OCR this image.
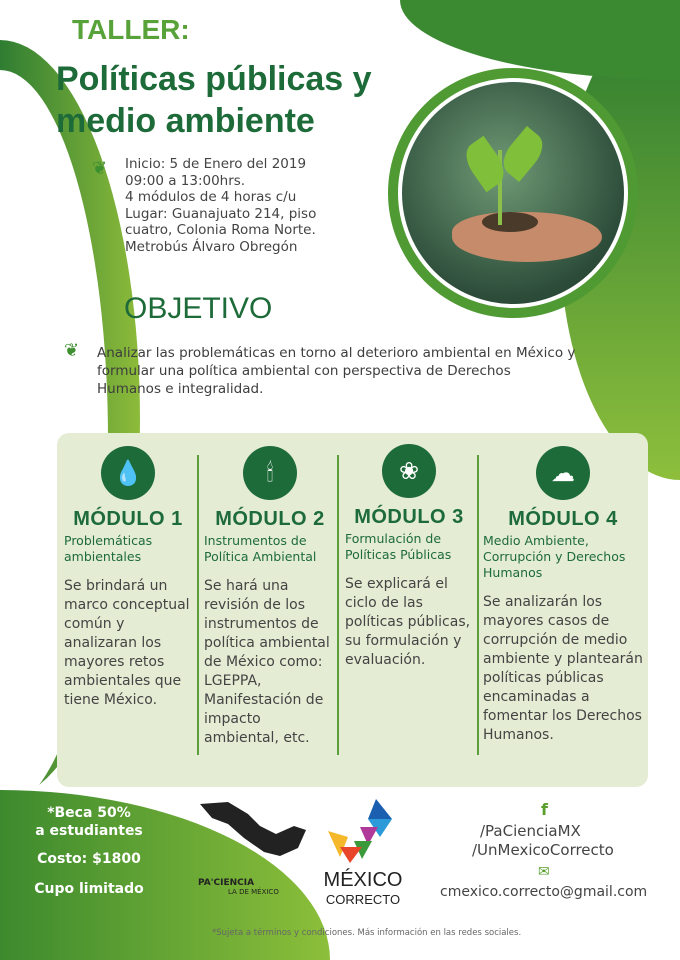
TALLER:
Políticas públicas y
medio ambiente
❦ Inicio: 5 de Enero del 2019
09:00 a 13:00hrs.
4 módulos de 4 horas c/u
Lugar: Guanajuato 214, piso
cuatro, Colonia Roma Norte.
Metrobús Álvaro Obregón
OBJETIVO
❦ Analizar las problemáticas en torno al deterioro ambiental en México y formular una política ambiental con perspectiva de Derechos Humanos e integralidad.
💧
MÓDULO 1
Problemáticas ambientales
Se brindará un marco conceptual común y analizaran los mayores retos ambientales que tiene México.
🕯
MÓDULO 2
Instrumentos de Política Ambiental
Se hará una revisión de los instrumentos de política ambiental de México como: LGEPPA, Manifestación de impacto ambiental, etc.
❀
MÓDULO 3
Formulación de Políticas Públicas
Se explicará el ciclo de las políticas públicas, su formulación y evaluación.
☁
MÓDULO 4
Medio Ambiente, Corrupción y Derechos Humanos
Se analizarán los mayores casos de corrupción de medio ambiente y plantearán políticas públicas encaminadas a fomentar los Derechos Humanos.
*Beca 50%
a estudiantes
Costo: $1800
Cupo limitado	PA'CIENCIA
LA DE MÉXICO
MÉXICO
CORRECTO
f
/PaCienciaMX
/UnMexicoCorrecto
✉
cmexico.correcto@gmail.com
*Sujeta a términos y condiciones. Más información en las redes sociales.
